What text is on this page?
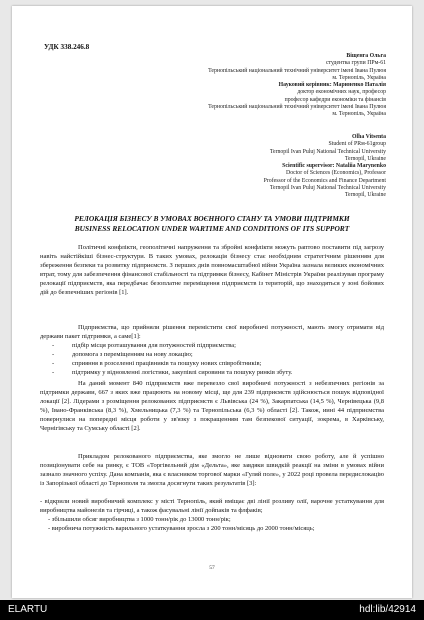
УДК 338.246.8
Віщенга Ольга
студентка групи ПРм-61
Тернопільський національний технічний університет імені Івана Пулюя
м. Тернопіль, Україна
Науковий керівник: Мариненко Наталія
доктор економічних наук, професор
професор кафедри економіки та фінансів
Тернопільський національний технічний університет імені Івана Пулюя
м. Тернопіль, Україна
Olha Vitsenta
Student of PRм-61group
Ternopil Ivan Puluj National Technical University
Ternopil, Ukraine
Scientific supervisor: Natalіia Marynenko
Doctor of Sciences (Economics), Professor
Professor of the Economics and Finance Department
Ternopil Ivan Puluj National Technical University
Ternopil, Ukraine
РЕЛОКАЦІЯ БІЗНЕСУ В УМОВАХ ВОЄННОГО СТАНУ ТА УМОВИ ПІДТРИМКИ
BUSINESS RELOCATION UNDER WARTIME AND CONDITIONS OF ITS SUPPORT
Політичні конфлікти, геополітичні напруження та збройні конфлікти можуть раптово поставити під загрозу навіть найстійкіші бізнес-структури. В таких умовах, релокація бізнесу стає необхідним стратегічним рішенням для збереження безпеки та розвитку підприємств. З перших днів повномасштабної війни Україна зазнала великих економічних втрат, тому для забезпечення фінансової стабільності та підтримки бізнесу, Кабінет Міністрів України реалізував програму релокації підприємств, яка передбачає безоплатне переміщення підприємств із територій, що знаходяться у зоні бойових дій до безпечніших регіонів [1].
Підприємства, що прийняли рішення перемістити свої виробничі потужності, мають змогу отримати від держави пакет підтримки, а саме[1]:
-	підбір місця розташування для потужностей підприємства;
-	допомога з переміщенням на нову локацію;
-	сприяння в розселенні працівників та пошуку нових співробітників;
-	підтримку у відновленні логістики, закупівлі сировини та пошуку ринків збуту.
На даний момент 840 підприємств вже перевезло свої виробничі потужності з небезпечних регіонів за підтримки держави, 667 з яких вже працюють на новому місці, ще для 239 підприємств здійснюється пошук відповідної локації [2]. Лідерами з розміщення релокованих підприємств є Львівська (24 %), Закарпатська (14,5 %), Чернівецька (9,8 %), Івано-Франківська (8,3 %), Хмельницька (7,3 %) та Тернопільська (6,3 %) області [2]. Також, иині 44 підприємства повернулися на попередні місця роботи у зв'язку з покращенням там безпекової ситуації, зокрема, в Харківську, Чернігівську та Сумську області [2].
Прикладом релокованого підприємства, яке змогло не лише відновити свою роботу, але й успішно позиціонувати себе на ринку, є ТОВ «Торгівельний дім «Дельта», яке завдяки швидкій реакції на зміни в умовах війни зазнало значного успіху. Дана компанія, яка є власником торгової марки «Гуляй поле», у 2022 році провела передислокацію із Запорізької області до Тернополя та змогла досягнути таких результатів [3]:
- відкрили новий виробничий комплекс у місті Тернопіль, який вміщає дві лінії розливу олії, варочне устаткування для виробництва майонезів та гірчиці, а також фасувальні лінії дойпаків та флфаків;
- збільшили обсяг виробництва з 1000 тонн/рік до 13000 тонн/рік;
- виробнича потужність варильного устаткування зросла з 200 тонн/місяць до 2000 тонн/місяць;
57
ELARTU	hdl:lib/42914
